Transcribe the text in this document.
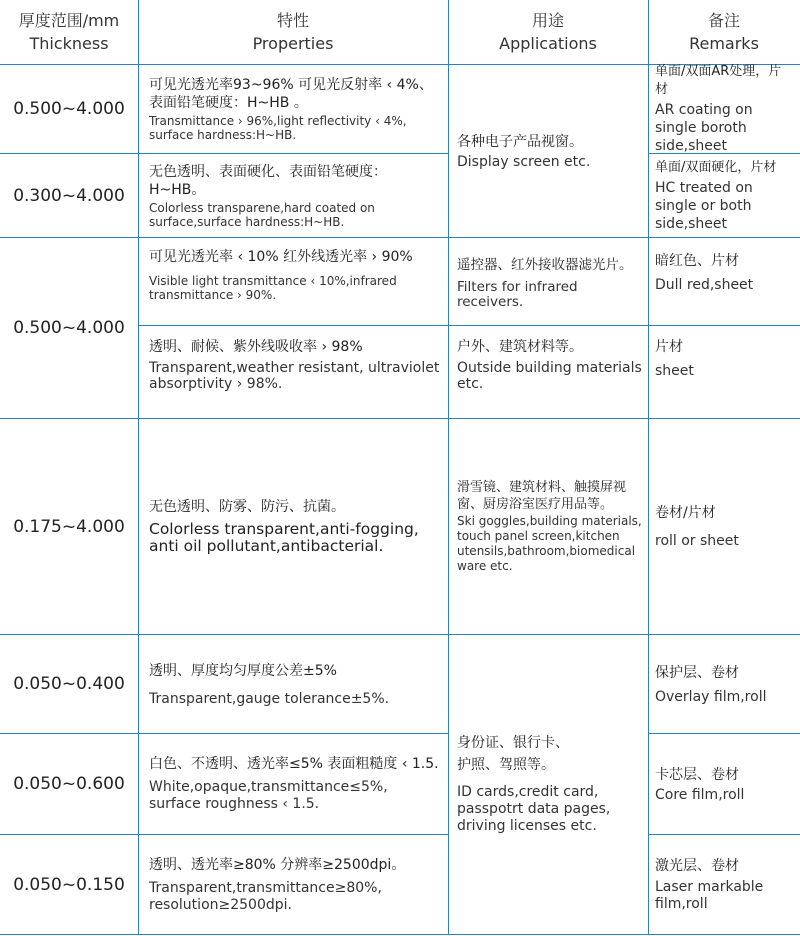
厚度范围/mm
Thickness
特性
Properties
用途
Applications
备注
Remarks
0.500~4.000
可见光透光率93~96% 可见光反射率 ‹ 4%、表面铅笔硬度：H~HB 。
Transmittance › 96%,light reflectivity ‹ 4%, surface hardness:H~HB.
单面/双面AR处理，片材
AR coating on single boroth side,sheet
各种电子产品视窗。
Display screen etc.
0.300~4.000
无色透明、表面硬化、表面铅笔硬度：H~HB。
Colorless transparene,hard coated on surface,surface hardness:H~HB.
单面/双面硬化，片材
HC treated on single or both side,sheet
0.500~4.000
可见光透光率 ‹ 10% 红外线透光率 › 90%
Visible light transmittance ‹ 10%,infrared transmittance › 90%.
遥控器、红外接收器滤光片。
Filters for infrared receivers.
暗红色、片材
Dull red,sheet
透明、耐候、紫外线吸收率 › 98%
Transparent,weather resistant, ultraviolet absorptivity › 98%.
户外、建筑材料等。
Outside building materials etc.
片材
sheet
0.175~4.000
无色透明、防雾、防污、抗菌。
Colorless transparent,anti-fogging, anti oil pollutant,antibacterial.
滑雪镜、建筑材料、触摸屏视窗、厨房浴室医疗用品等。
Ski goggles,building materials, touch panel screen,kitchen utensils,bathroom,biomedical ware etc.
卷材/片材
roll or sheet
0.050~0.400
透明、厚度均匀厚度公差±5%
Transparent,gauge tolerance±5%.
保护层、卷材
Overlay film,roll
身份证、银行卡、
护照、驾照等。
ID cards,credit card, passpotrt data pages, driving licenses etc.
0.050~0.600
白色、不透明、透光率≤5% 表面粗糙度 ‹ 1.5.
White,opaque,transmittance≤5%, surface roughness ‹ 1.5.
卡芯层、卷材
Core film,roll
0.050~0.150
透明、透光率≥80% 分辨率≥2500dpi。
Transparent,transmittance≥80%, resolution≥2500dpi.
激光层、卷材
Laser markable film,roll
